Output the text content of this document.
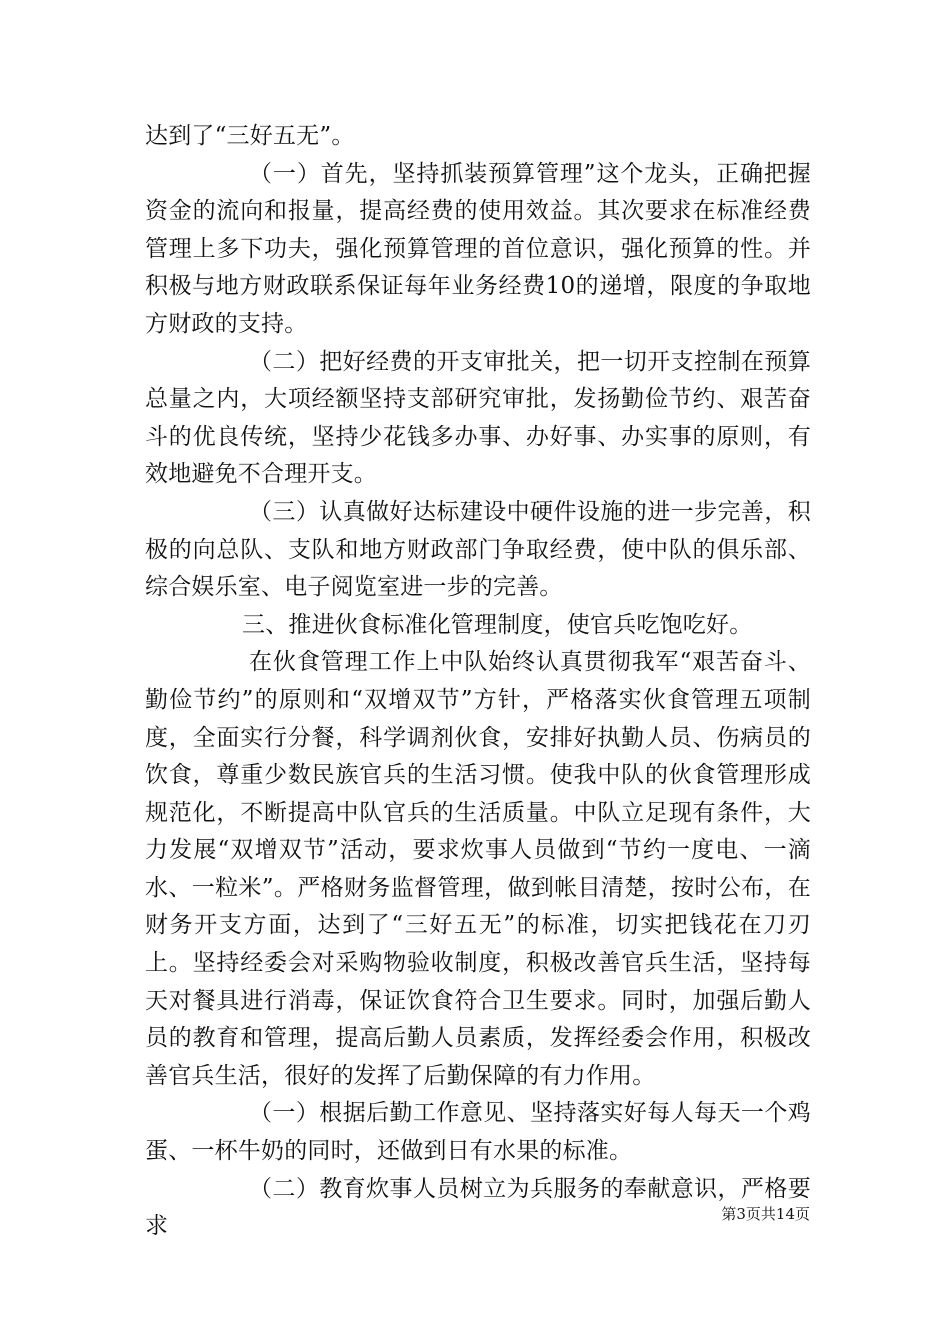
达到了“三好五无”。

（一）首先，坚持抓装预算管理”这个龙头，正确把握资金的流向和报量，提高经费的使用效益。其次要求在标准经费管理上多下功夫，强化预算管理的首位意识，强化预算的性。并积极与地方财政联系保证每年业务经费10的递增，限度的争取地方财政的支持。

（二）把好经费的开支审批关，把一切开支控制在预算总量之内，大项经额坚持支部研究审批，发扬勤俭节约、艰苦奋斗的优良传统，坚持少花钱多办事、办好事、办实事的原则，有效地避免不合理开支。

（三）认真做好达标建设中硬件设施的进一步完善，积极的向总队、支队和地方财政部门争取经费，使中队的俱乐部、综合娱乐室、电子阅览室进一步的完善。

三、推进伙食标准化管理制度，使官兵吃饱吃好。

在伙食管理工作上中队始终认真贯彻我军“艰苦奋斗、勤俭节约”的原则和“双增双节”方针，严格落实伙食管理五项制度，全面实行分餐，科学调剂伙食，安排好执勤人员、伤病员的饮食，尊重少数民族官兵的生活习惯。使我中队的伙食管理形成规范化，不断提高中队官兵的生活质量。中队立足现有条件，大力发展“双增双节”活动，要求炊事人员做到“节约一度电、一滴水、一粒米”。严格财务监督管理，做到帐目清楚，按时公布，在财务开支方面，达到了“三好五无”的标准，切实把钱花在刀刃上。坚持经委会对采购物验收制度，积极改善官兵生活，坚持每天对餐具进行消毒，保证饮食符合卫生要求。同时，加强后勤人员的教育和管理，提高后勤人员素质，发挥经委会作用，积极改善官兵生活，很好的发挥了后勤保障的有力作用。

（一）根据后勤工作意见、坚持落实好每人每天一个鸡蛋、一杯牛奶的同时，还做到日有水果的标准。

（二）教育炊事人员树立为兵服务的奉献意识，严格要求	第3页共14页
